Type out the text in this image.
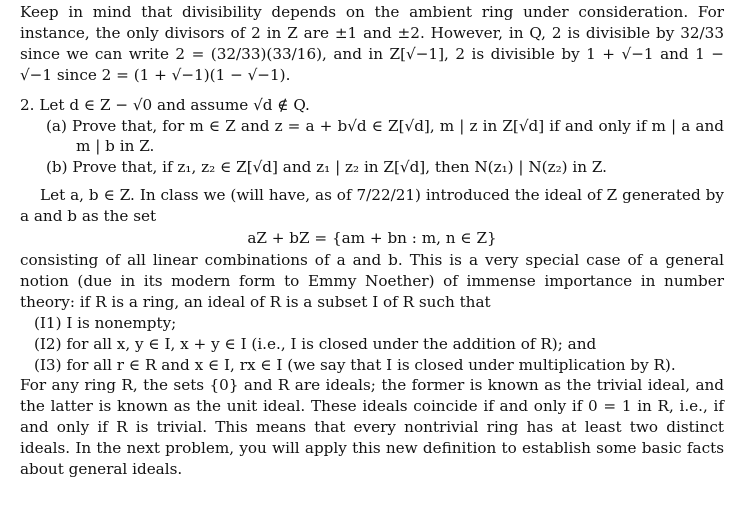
Keep in mind that divisibility depends on the ambient ring under consideration. For instance, the only divisors of 2 in Z are ±1 and ±2. However, in Q, 2 is divisible by 32/33 since we can write 2 = (32/33)(33/16), and in Z[√−1], 2 is divisible by 1 + √−1 and 1 − √−1 since 2 = (1 + √−1)(1 − √−1).

2. Let d ∈ Z − √0 and assume √d ∉ Q.

(a) Prove that, for m ∈ Z and z = a + b√d ∈ Z[√d], m | z in Z[√d] if and only if m | a and m | b in Z.

(b) Prove that, if z₁, z₂ ∈ Z[√d] and z₁ | z₂ in Z[√d], then N(z₁) | N(z₂) in Z.

Let a, b ∈ Z. In class we (will have, as of 7/22/21) introduced the ideal of Z generated by a and b as the set

aZ + bZ = {am + bn : m, n ∈ Z}

consisting of all linear combinations of a and b. This is a very special case of a general notion (due in its modern form to Emmy Noether) of immense importance in number theory: if R is a ring, an ideal of R is a subset I of R such that

(I1) I is nonempty;

(I2) for all x, y ∈ I, x + y ∈ I (i.e., I is closed under the addition of R); and

(I3) for all r ∈ R and x ∈ I, rx ∈ I (we say that I is closed under multiplication by R).

For any ring R, the sets {0} and R are ideals; the former is known as the trivial ideal, and the latter is known as the unit ideal. These ideals coincide if and only if 0 = 1 in R, i.e., if and only if R is trivial. This means that every nontrivial ring has at least two distinct ideals. In the next problem, you will apply this new definition to establish some basic facts about general ideals.
